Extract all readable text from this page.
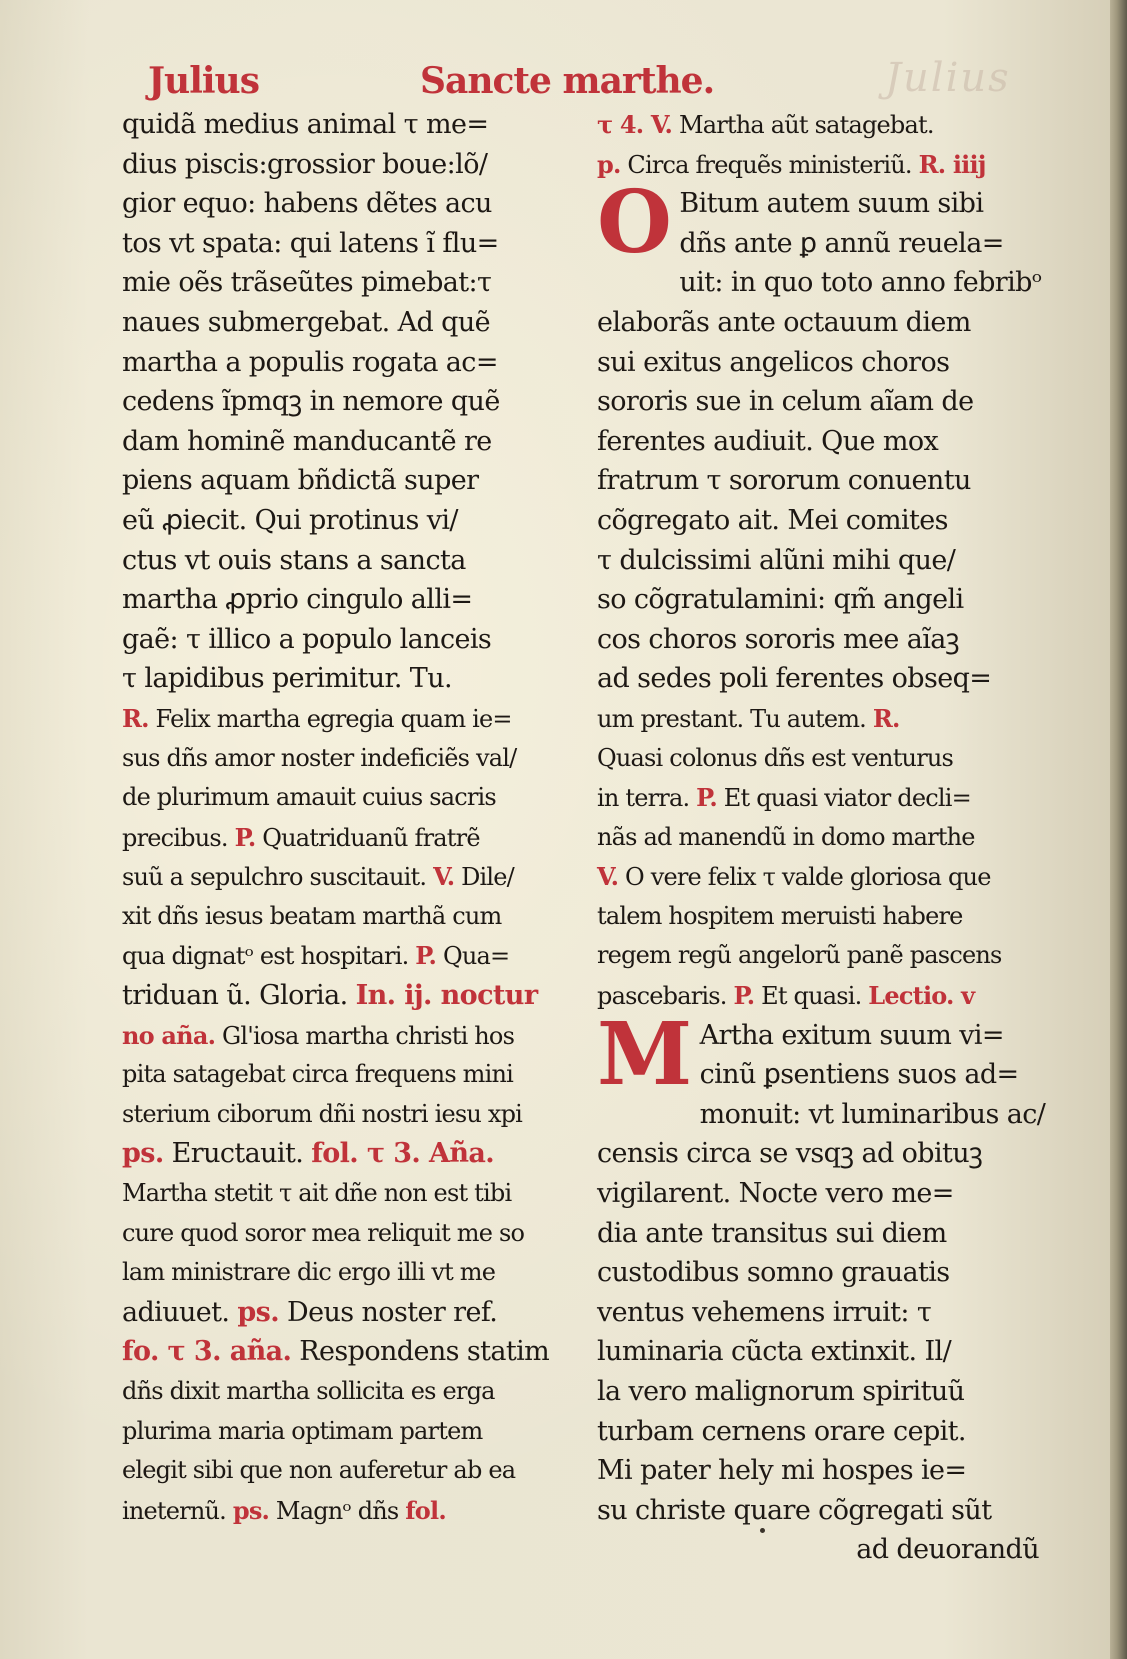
Julius
Julius	Sancte marthe.
quidã medius animal τ me=
dius piscis:grossior boue:lõ/
gior equo: habens dẽtes acu
tos vt spata: qui latens ĩ flu=
mie oẽs trãseũtes pimebat:τ
naues submergebat. Ad quẽ
martha a populis rogata ac=
cedens ĩpmqꝫ in nemore quẽ
dam hominẽ manducantẽ re
piens aquam bñdictã super
eũ ꝓiecit. Qui protinus vi/
ctus vt ouis stans a sancta
martha ꝓprio cingulo alli=
gaẽ: τ illico a populo lanceis
τ lapidibus perimitur. Tu.
R. Felix martha egregia quam ie=
sus dñs amor noster indeficiẽs val/
de plurimum amauit cuius sacris
precibus. P. Quatriduanũ fratrẽ
suũ a sepulchro suscitauit. V. Dile/
xit dñs iesus beatam marthã cum
qua dignatᵒ est hospitari. P. Qua=
triduan ũ. Gloria. In. ij. noctur
no aña. Gl'iosa martha christi hos
pita satagebat circa frequens mini
sterium ciborum dñi nostri iesu xpi
ps. Eructauit. fol. τ 3. Aña.
Martha stetit τ ait dñe non est tibi
cure quod soror mea reliquit me so
lam ministrare dic ergo illi vt me
adiuuet. ps. Deus noster ref.
fo. τ 3. aña. Respondens statim
dñs dixit martha sollicita es erga
plurima maria optimam partem
elegit sibi que non auferetur ab ea
ineternũ. ps. Magnᵒ dñs fol.
τ 4. V. Martha aũt satagebat.
p. Circa frequẽs ministeriũ. R. iiij
O Bitum autem suum sibi
dñs ante ꝑ annũ reuela=
uit: in quo toto anno febribᵒ
elaborãs ante octauum diem
sui exitus angelicos choros
sororis sue in celum aĩam de
ferentes audiuit. Que mox
fratrum τ sororum conuentu
cõgregato ait. Mei comites
τ dulcissimi alũni mihi que/
so cõgratulamini: qm̃ angeli
cos choros sororis mee aĩaꝫ
ad sedes poli ferentes obseq=
um prestant. Tu autem. R.
Quasi colonus dñs est venturus
in terra. P. Et quasi viator decli=
nãs ad manendũ in domo marthe
V. O vere felix τ valde gloriosa que
talem hospitem meruisti habere
regem regũ angelorũ panẽ pascens
pascebaris. P. Et quasi. Lectio. v
M Artha exitum suum vi=
cinũ ꝑsentiens suos ad=
monuit: vt luminaribus ac/
censis circa se vsqꝫ ad obituꝫ
vigilarent. Nocte vero me=
dia ante transitus sui diem
custodibus somno grauatis
ventus vehemens irruit: τ
luminaria cũcta extinxit. Il/
la vero malignorum spirituũ
turbam cernens orare cepit.
Mi pater hely mi hospes ie=
su christe quare cõgregati sũt
ad deuorandũ
